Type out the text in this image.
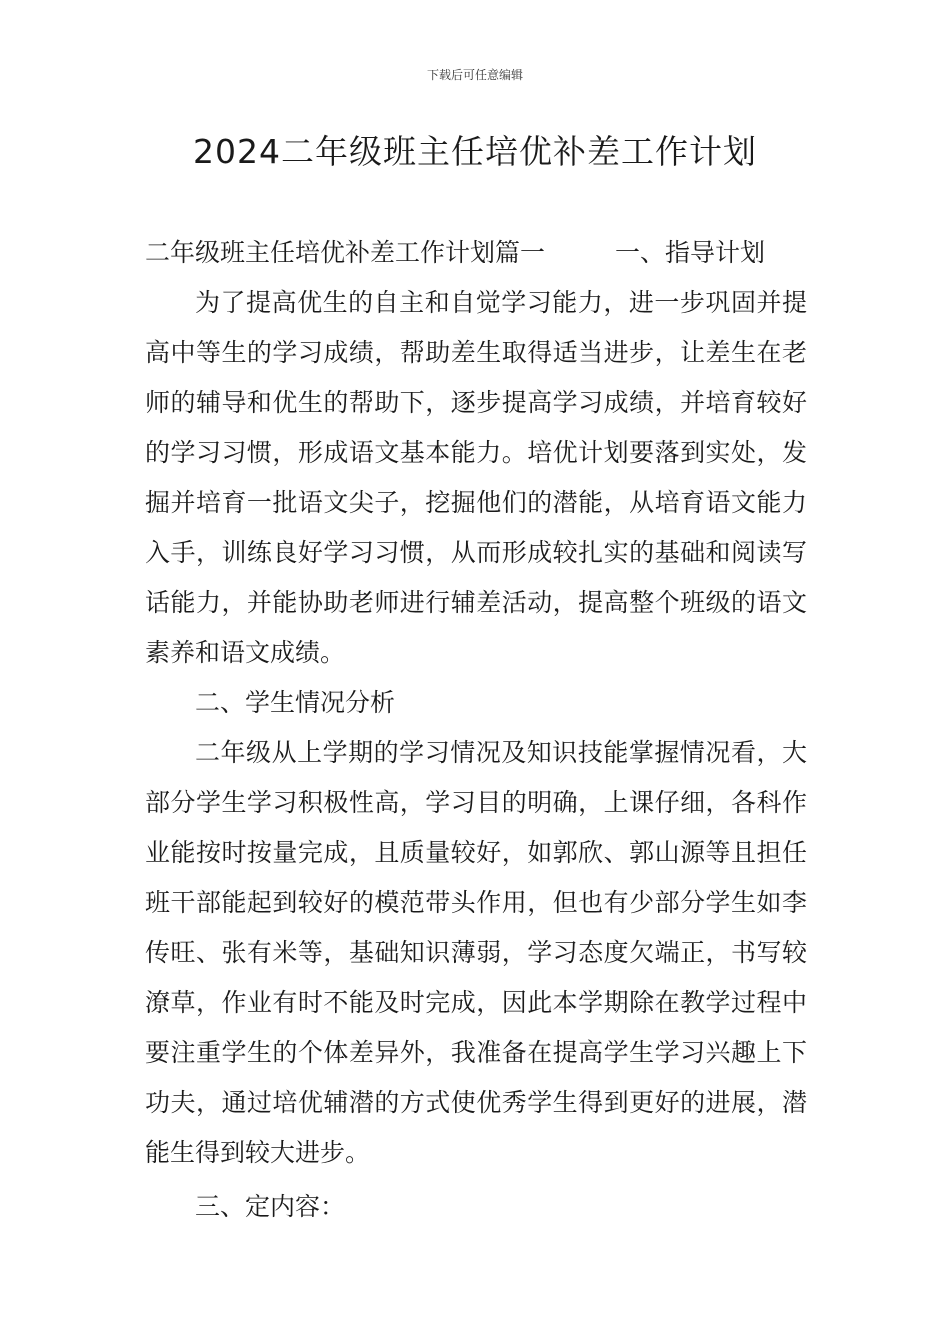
下载后可任意编辑
2024二年级班主任培优补差工作计划

二年级班主任培优补差工作计划篇一	一、指导计划

为了提高优生的自主和自觉学习能力，进一步巩固并提高中等生的学习成绩，帮助差生取得适当进步，让差生在老师的辅导和优生的帮助下，逐步提高学习成绩，并培育较好的学习习惯，形成语文基本能力。培优计划要落到实处，发掘并培育一批语文尖子，挖掘他们的潜能，从培育语文能力入手，训练良好学习习惯，从而形成较扎实的基础和阅读写话能力，并能协助老师进行辅差活动，提高整个班级的语文素养和语文成绩。

二、学生情况分析

二年级从上学期的学习情况及知识技能掌握情况看，大部分学生学习积极性高，学习目的明确，上课仔细，各科作业能按时按量完成，且质量较好，如郭欣、郭山源等且担任班干部能起到较好的模范带头作用，但也有少部分学生如李传旺、张有米等，基础知识薄弱，学习态度欠端正，书写较潦草，作业有时不能及时完成，因此本学期除在教学过程中要注重学生的个体差异外，我准备在提高学生学习兴趣上下功夫，通过培优辅潜的方式使优秀学生得到更好的进展，潜能生得到较大进步。

三、定内容：
